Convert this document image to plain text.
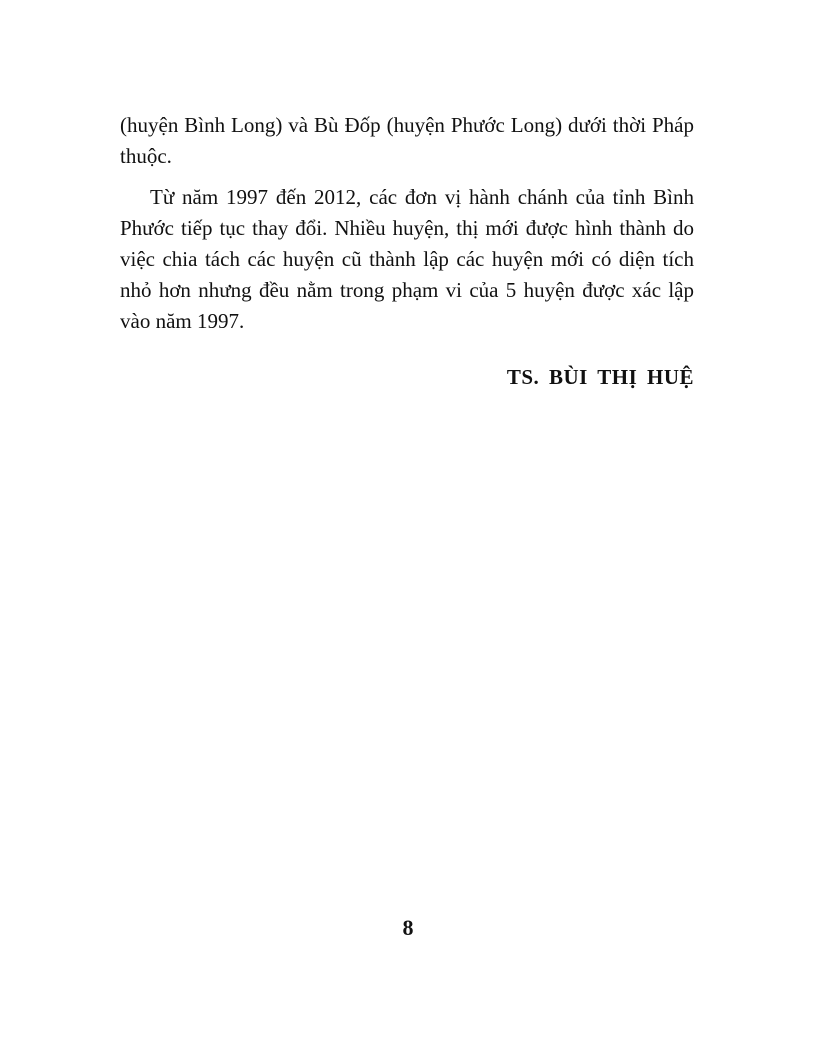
(huyện Bình Long) và Bù Đốp (huyện Phước Long) dưới thời Pháp thuộc.

Từ năm 1997 đến 2012, các đơn vị hành chánh của tỉnh Bình Phước tiếp tục thay đổi. Nhiều huyện, thị mới được hình thành do việc chia tách các huyện cũ thành lập các huyện mới có diện tích nhỏ hơn nhưng đều nằm trong phạm vi của 5 huyện được xác lập vào năm 1997.

TS. BÙI THỊ HUỆ
8
